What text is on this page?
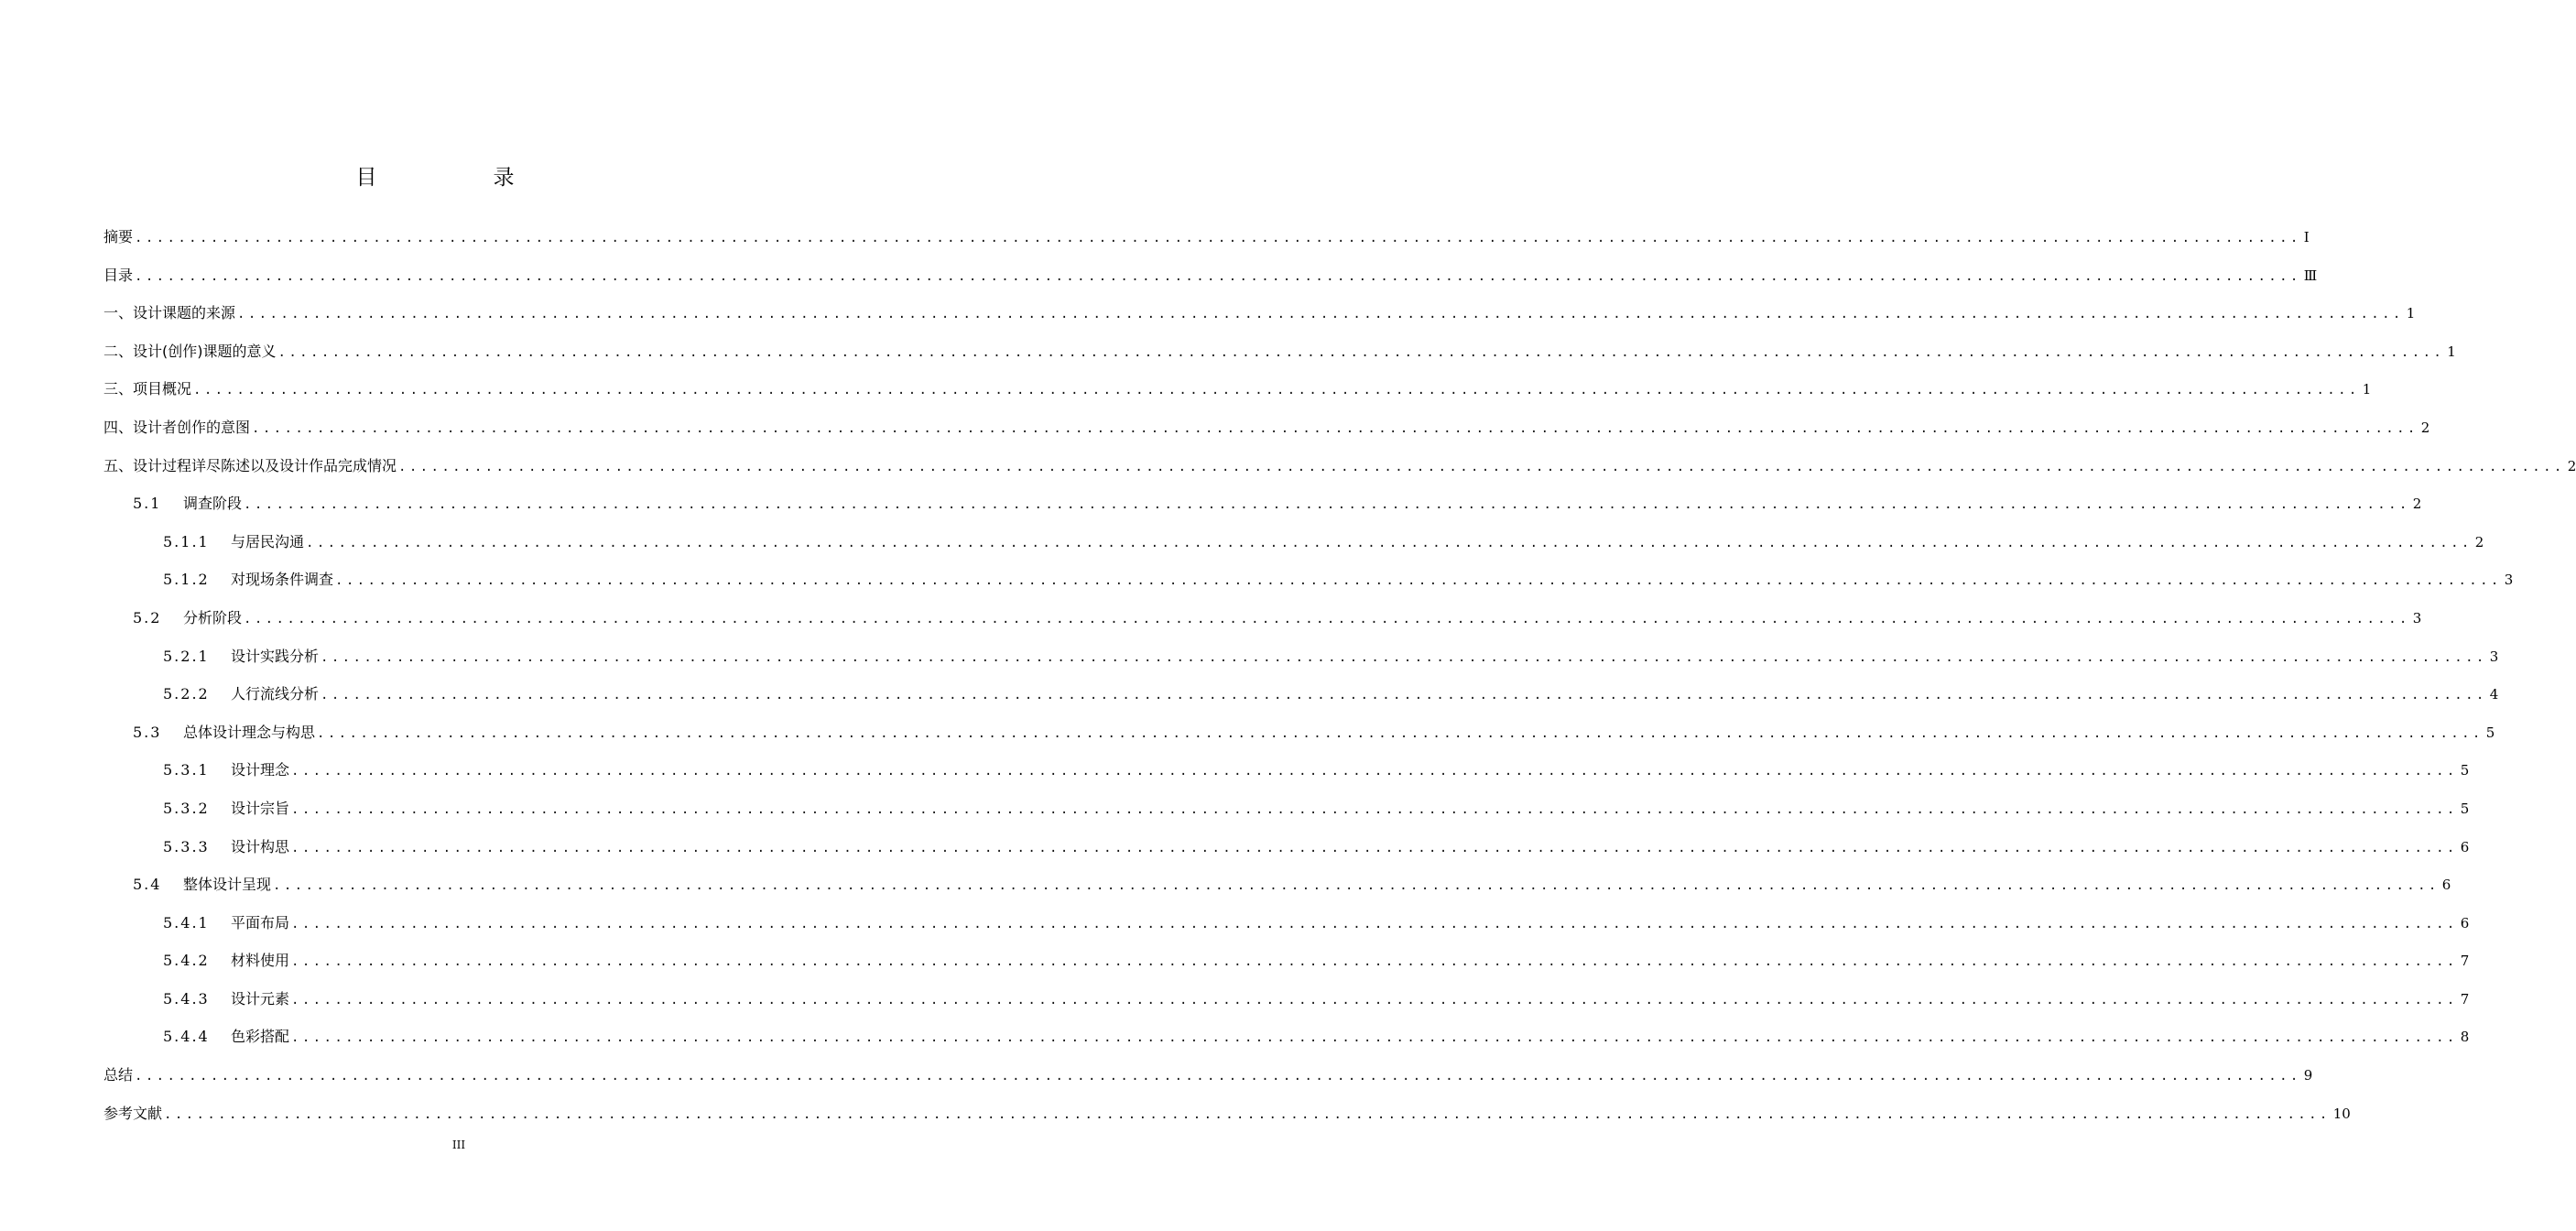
目　录
摘要 ........................................................................................................................................................................................................ Ⅰ
目录 ........................................................................................................................................................................................................ Ⅲ
一、设计课题的来源 ........................................................................................................................................................................................................ 1
二、设计(创作)课题的意义 ........................................................................................................................................................................................................ 1
三、项目概况 ........................................................................................................................................................................................................ 1
四、设计者创作的意图 ........................................................................................................................................................................................................ 2
五、设计过程详尽陈述以及设计作品完成情况 ........................................................................................................................................................................................................ 2
5.1	调查阶段 ........................................................................................................................................................................................................ 2
5.1.1	与居民沟通 ........................................................................................................................................................................................................ 2
5.1.2	对现场条件调查 ........................................................................................................................................................................................................ 3
5.2	分析阶段 ........................................................................................................................................................................................................ 3
5.2.1	设计实践分析 ........................................................................................................................................................................................................ 3
5.2.2	人行流线分析 ........................................................................................................................................................................................................ 4
5.3	总体设计理念与构思 ........................................................................................................................................................................................................ 5
5.3.1	设计理念 ........................................................................................................................................................................................................ 5
5.3.2	设计宗旨 ........................................................................................................................................................................................................ 5
5.3.3	设计构思 ........................................................................................................................................................................................................ 6
5.4	整体设计呈现 ........................................................................................................................................................................................................ 6
5.4.1	平面布局 ........................................................................................................................................................................................................ 6
5.4.2	材料使用 ........................................................................................................................................................................................................ 7
5.4.3	设计元素 ........................................................................................................................................................................................................ 7
5.4.4	色彩搭配 ........................................................................................................................................................................................................ 8
总结 ........................................................................................................................................................................................................ 9
参考文献 ........................................................................................................................................................................................................ 10
III
